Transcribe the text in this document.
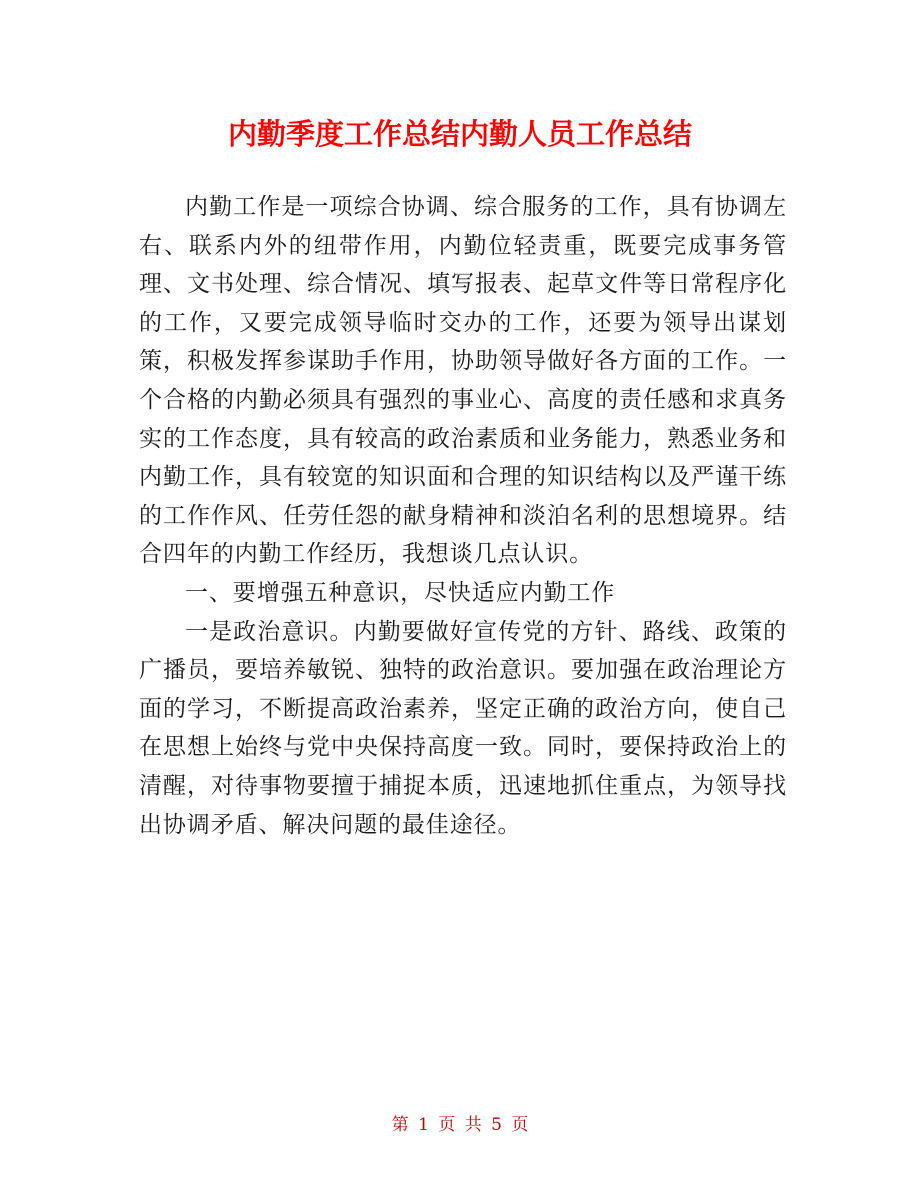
内勤季度工作总结内勤人员工作总结

内勤工作是一项综合协调、综合服务的工作，具有协调左右、联系内外的纽带作用，内勤位轻责重，既要完成事务管理、文书处理、综合情况、填写报表、起草文件等日常程序化的工作，又要完成领导临时交办的工作，还要为领导出谋划策，积极发挥参谋助手作用，协助领导做好各方面的工作。一个合格的内勤必须具有强烈的事业心、高度的责任感和求真务实的工作态度，具有较高的政治素质和业务能力，熟悉业务和内勤工作，具有较宽的知识面和合理的知识结构以及严谨干练的工作作风、任劳任怨的献身精神和淡泊名利的思想境界。结合四年的内勤工作经历，我想谈几点认识。

一、要增强五种意识，尽快适应内勤工作

一是政治意识。内勤要做好宣传党的方针、路线、政策的广播员，要培养敏锐、独特的政治意识。要加强在政治理论方面的学习，不断提高政治素养，坚定正确的政治方向，使自己在思想上始终与党中央保持高度一致。同时，要保持政治上的清醒，对待事物要擅于捕捉本质，迅速地抓住重点，为领导找出协调矛盾、解决问题的最佳途径。

第 1 页 共 5 页
